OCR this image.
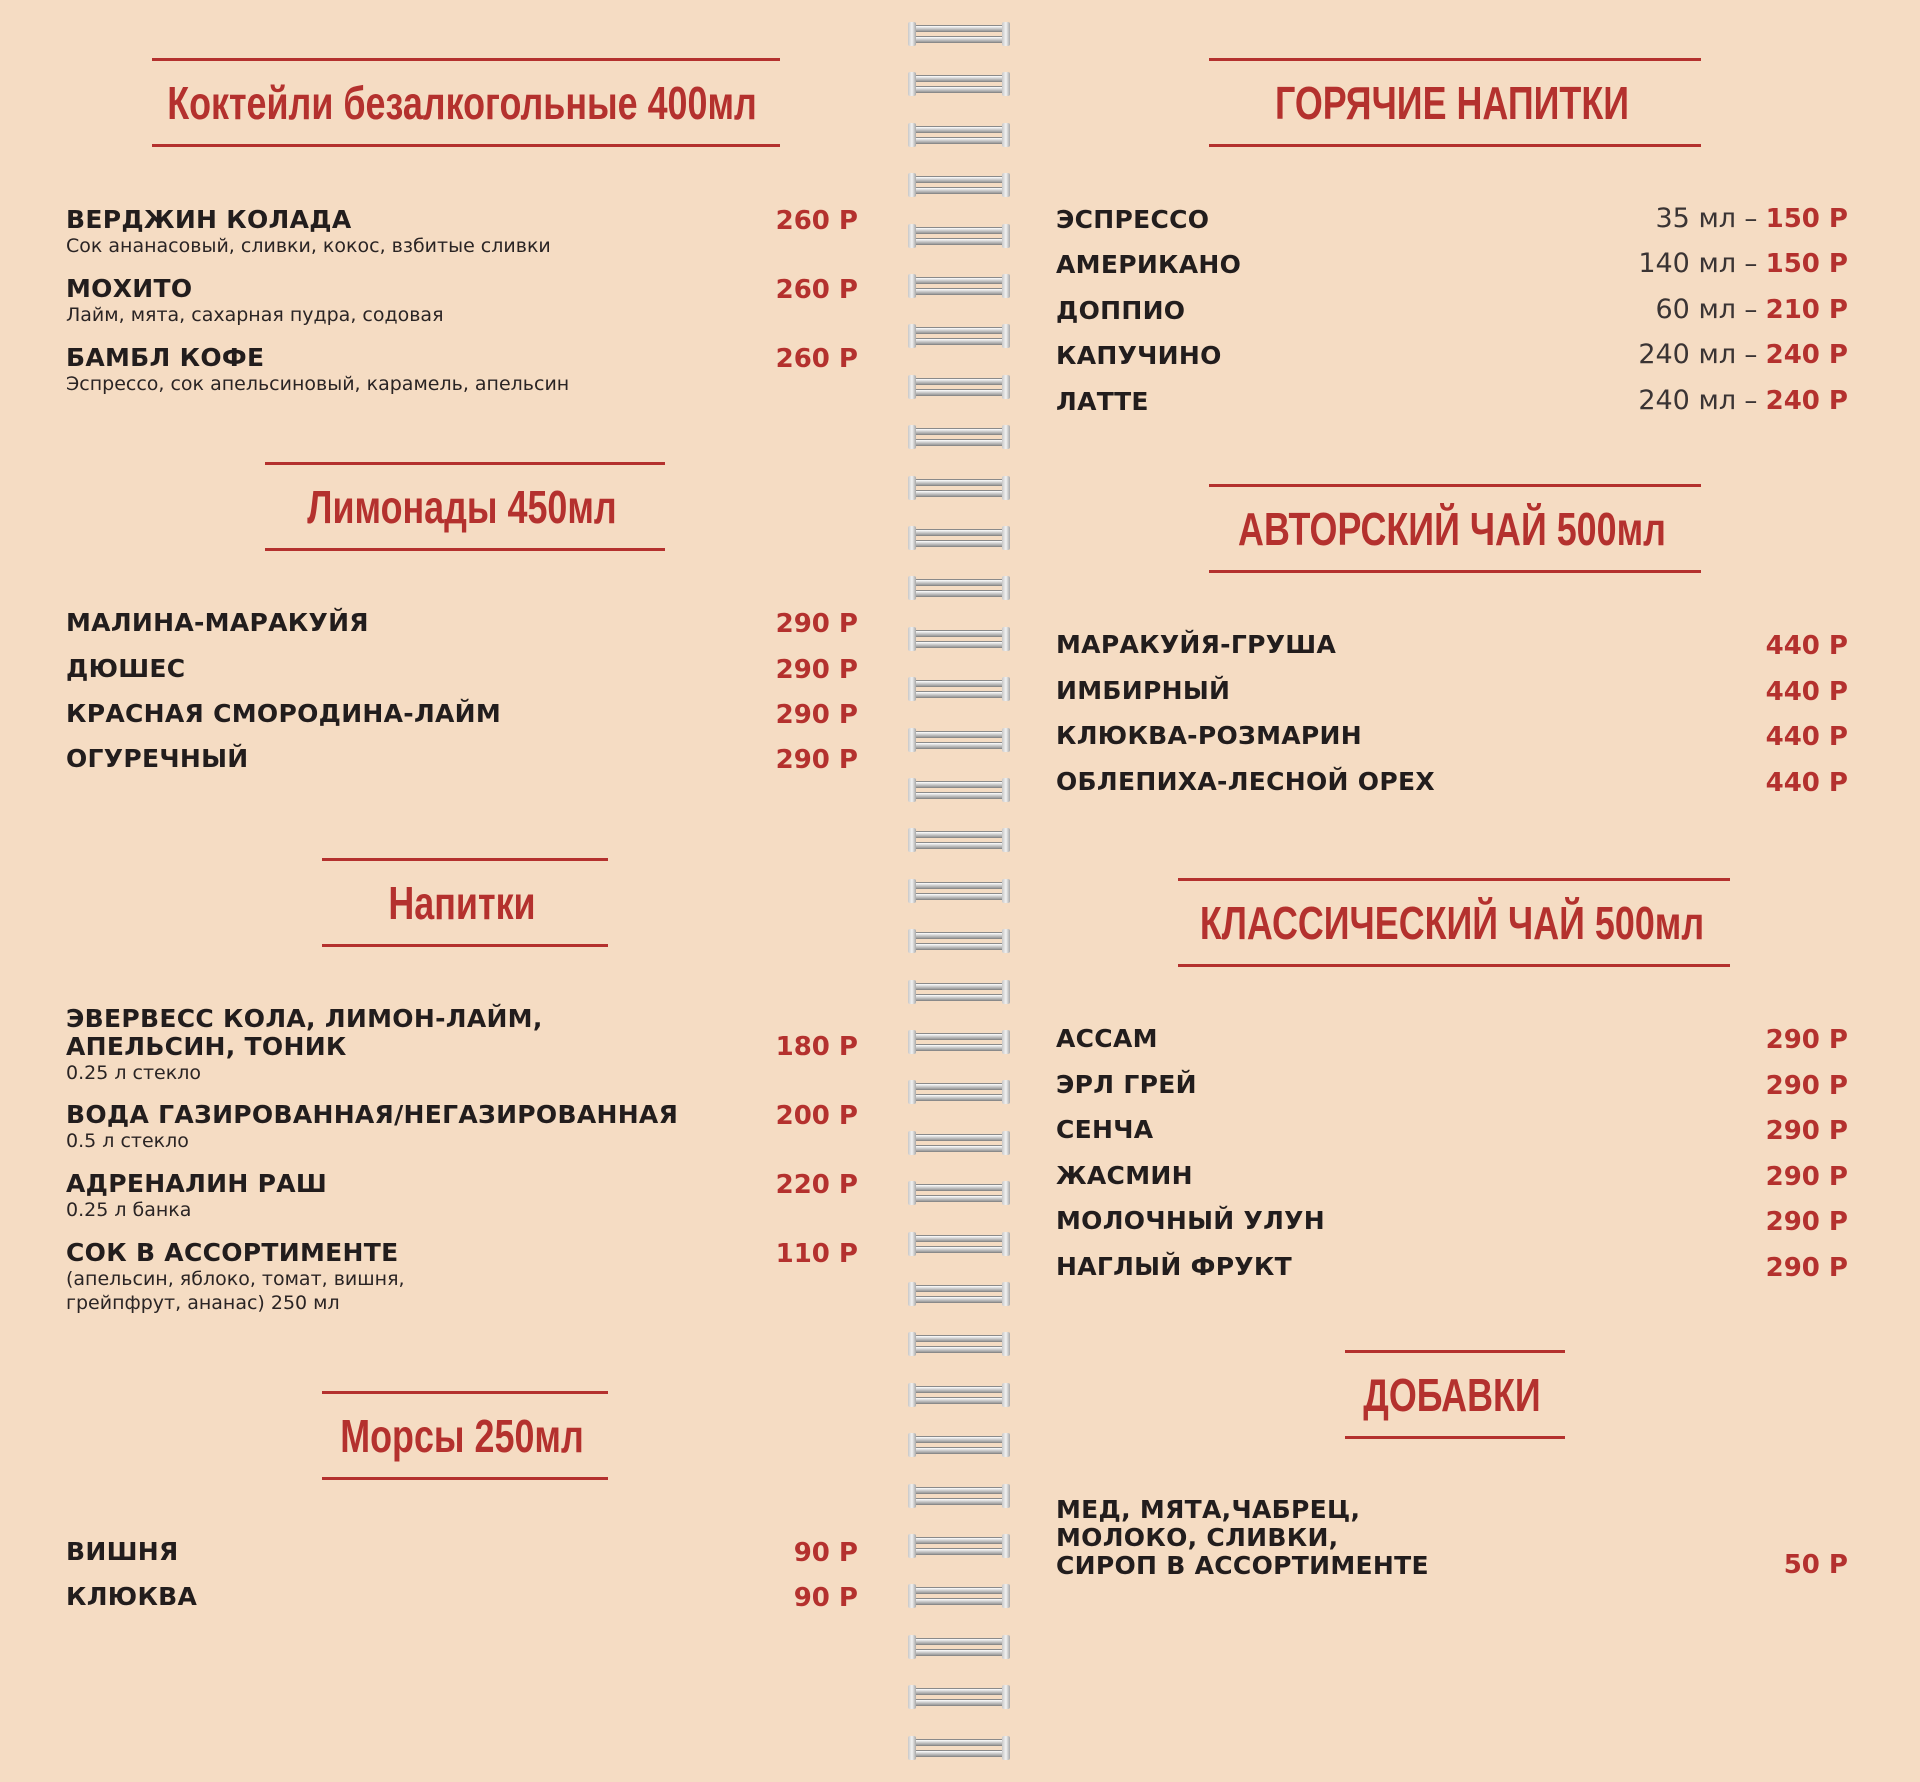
Коктейли безалкогольные 400мл
ВЕРДЖИН КОЛАДА
Сок ананасовый, сливки, кокос, взбитые сливки
260 Р
МОХИТО
Лайм, мята, сахарная пудра, содовая
260 Р
БАМБЛ КОФЕ
Эспрессо, сок апельсиновый, карамель, апельсин
260 Р
Лимонады 450мл
МАЛИНА-МАРАКУЙЯ	290 Р
ДЮШЕС	290 Р
КРАСНАЯ СМОРОДИНА-ЛАЙМ	290 Р
ОГУРЕЧНЫЙ	290 Р
Напитки
ЭВЕРВЕСС КОЛА, ЛИМОН-ЛАЙМ,
АПЕЛЬСИН, ТОНИК
0.25 л стекло
180 Р
ВОДА ГАЗИРОВАННАЯ/НЕГАЗИРОВАННАЯ
0.5 л стекло
200 Р
АДРЕНАЛИН РАШ
0.25 л банка
220 Р
СОК В АССОРТИМЕНТЕ
(апельсин, яблоко, томат, вишня,
грейпфрут, ананас) 250 мл
110 Р
Морсы 250мл
ВИШНЯ	90 Р
КЛЮКВА	90 Р
ГОРЯЧИЕ НАПИТКИ
ЭСПРЕССО	35 мл – 150 Р
АМЕРИКАНО	140 мл – 150 Р
ДОППИО	60 мл – 210 Р
КАПУЧИНО	240 мл – 240 Р
ЛАТТЕ	240 мл – 240 Р
АВТОРСКИЙ ЧАЙ 500мл
МАРАКУЙЯ-ГРУША	440 Р
ИМБИРНЫЙ	440 Р
КЛЮКВА-РОЗМАРИН	440 Р
ОБЛЕПИХА-ЛЕСНОЙ ОРЕХ	440 Р
КЛАССИЧЕСКИЙ ЧАЙ 500мл
АССАМ	290 Р
ЭРЛ ГРЕЙ	290 Р
СЕНЧА	290 Р
ЖАСМИН	290 Р
МОЛОЧНЫЙ УЛУН	290 Р
НАГЛЫЙ ФРУКТ	290 Р
ДОБАВКИ
МЕД, МЯТА,ЧАБРЕЦ,
МОЛОКО, СЛИВКИ,
СИРОП В АССОРТИМЕНТЕ	50 Р
